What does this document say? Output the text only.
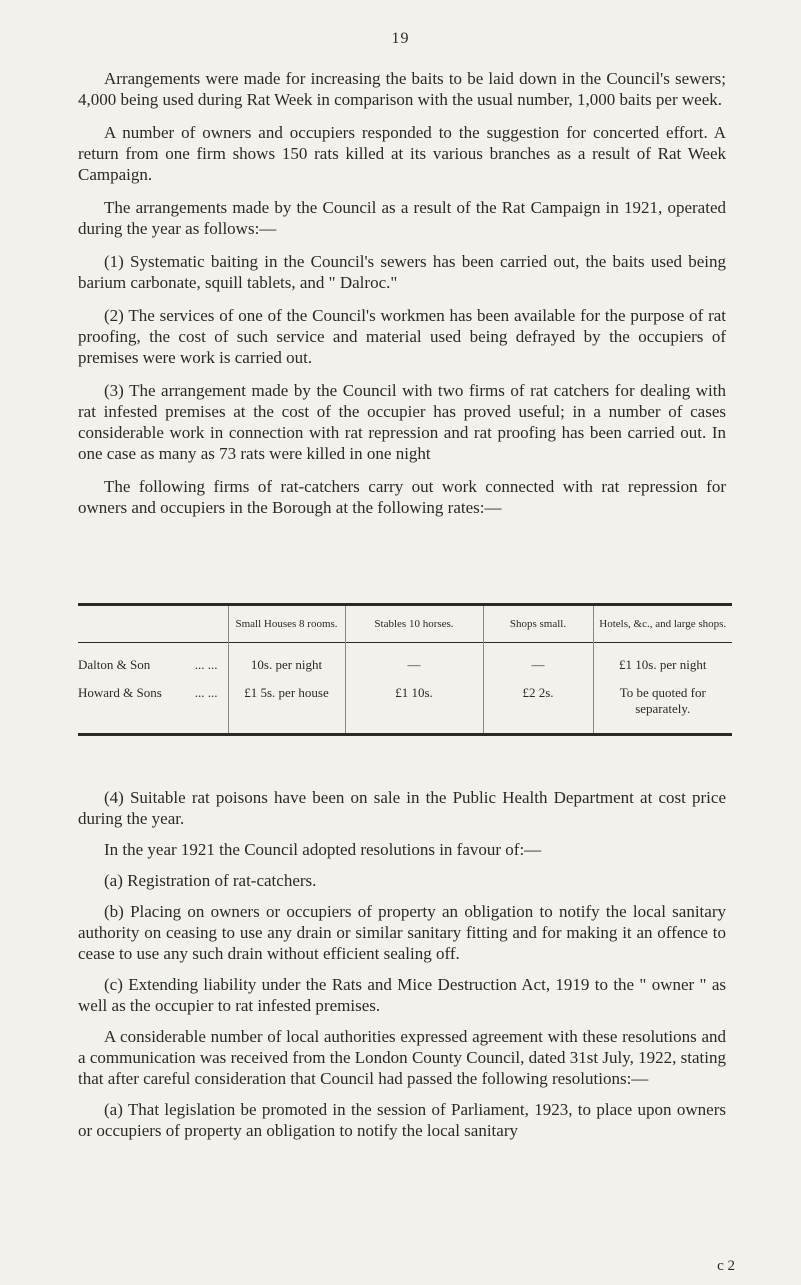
19

Arrangements were made for increasing the baits to be laid down in the Council's sewers; 4,000 being used during Rat Week in comparison with the usual number, 1,000 baits per week.

A number of owners and occupiers responded to the suggestion for concerted effort. A return from one firm shows 150 rats killed at its various branches as a result of Rat Week Campaign.

The arrangements made by the Council as a result of the Rat Campaign in 1921, operated during the year as follows:—

(1) Systematic baiting in the Council's sewers has been carried out, the baits used being barium carbonate, squill tablets, and " Dalroc."

(2) The services of one of the Council's workmen has been available for the purpose of rat proofing, the cost of such service and material used being defrayed by the occupiers of premises were work is carried out.

(3) The arrangement made by the Council with two firms of rat catchers for dealing with rat infested premises at the cost of the occupier has proved useful; in a number of cases considerable work in connection with rat repression and rat proofing has been carried out. In one case as many as 73 rats were killed in one night

The following firms of rat-catchers carry out work connected with rat repression for owners and occupiers in the Borough at the following rates:—

	Small Houses 8 rooms.	Stables 10 horses.	Shops small.	Hotels, &c., and large shops.

Dalton & Son ... ...	10s. per night	—	—	£1 10s. per night

Howard & Sons ... ...	£1 5s. per house	£1 10s.	£2 2s.	To be quoted for separately.

(4) Suitable rat poisons have been on sale in the Public Health Department at cost price during the year.

In the year 1921 the Council adopted resolutions in favour of:—

(a) Registration of rat-catchers.

(b) Placing on owners or occupiers of property an obligation to notify the local sanitary authority on ceasing to use any drain or similar sanitary fitting and for making it an offence to cease to use any such drain without efficient sealing off.

(c) Extending liability under the Rats and Mice Destruction Act, 1919 to the " owner " as well as the occupier to rat infested premises.

A considerable number of local authorities expressed agreement with these resolutions and a communication was received from the London County Council, dated 31st July, 1922, stating that after careful consideration that Council had passed the following resolutions:—

(a) That legislation be promoted in the session of Parliament, 1923, to place upon owners or occupiers of property an obligation to notify the local sanitary

c 2
